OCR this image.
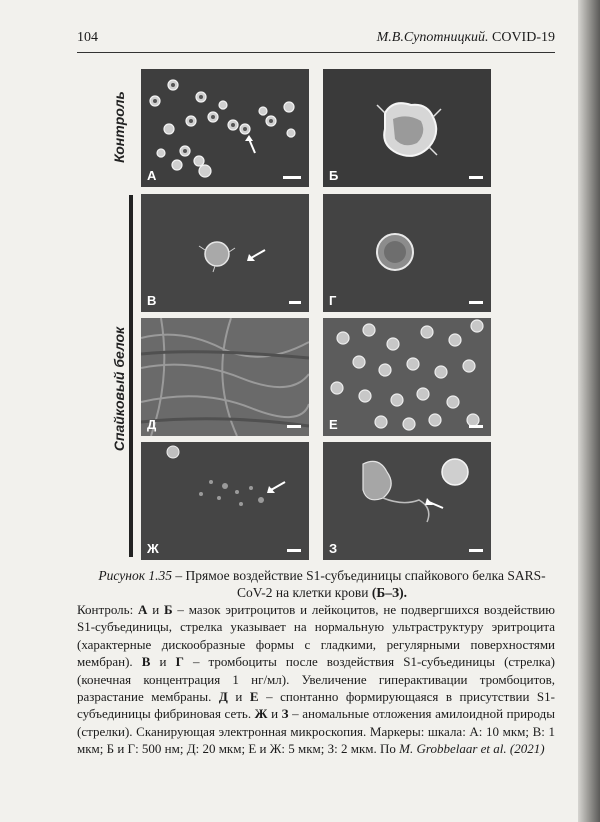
104	М.В.Супотницкий. COVID-19
Контроль
Спайковый белок
А	Б
В	Г
Д	Е
Ж	З
Рисунок 1.35 – Прямое воздействие S1-субъединицы спайкового белка SARS-CoV-2 на клетки крови (Б–З).
Контроль: А и Б – мазок эритроцитов и лейкоцитов, не подвергшихся воздействию S1-субъединицы, стрелка указывает на нормальную ультраструктуру эритроцита (характерные дискообразные формы с гладкими, регулярными поверхностями мембран). В и Г – тромбоциты после воздействия S1-субъединицы (стрелка) (конечная концентрация 1 нг/мл). Увеличение гиперактивации тромбоцитов, разрастание мембраны. Д и Е – спонтанно формирующаяся в присутствии S1-субъединицы фибриновая сеть. Ж и З – аномальные отложения амилоидной природы (стрелки). Сканирующая электронная микроскопия. Маркеры: шкала: А: 10 мкм; В: 1 мкм; Б и Г: 500 нм; Д: 20 мкм; Е и Ж: 5 мкм; З: 2 мкм. По M. Grobbelaar et al. (2021)
